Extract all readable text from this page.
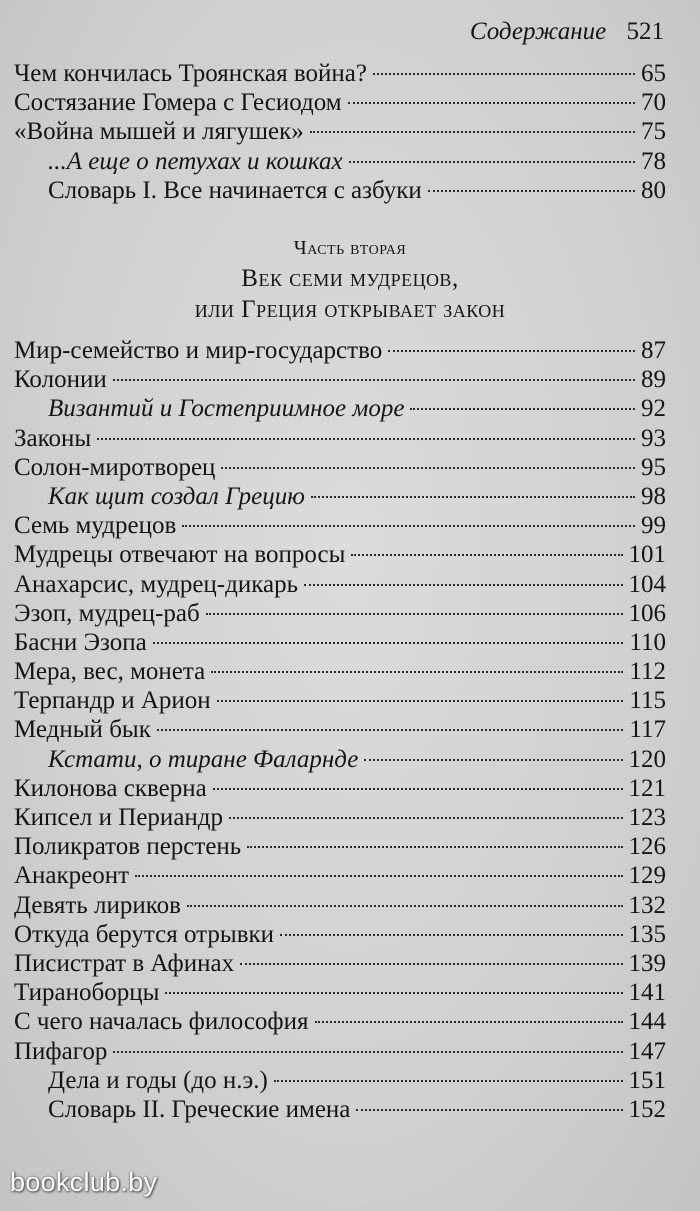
Содержание 521
Чем кончилась Троянская война?	65
Состязание Гомера с Гесиодом	70
«Война мышей и лягушек»	75
...А еще о петухах и кошках	78
Словарь I. Все начинается с азбуки	80
Часть вторая
Век семи мудрецов,
или Греция открывает закон
Мир-семейство и мир-государство	87
Колонии	89
Византий и Гостеприимное море	92
Законы	93
Солон-миротворец	95
Как щит создал Грецию	98
Семь мудрецов	99
Мудрецы отвечают на вопросы	101
Анахарсис, мудрец-дикарь	104
Эзоп, мудрец-раб	106
Басни Эзопа	110
Мера, вес, монета	112
Терпандр и Арион	115
Медный бык	117
Кстати, о тиране Фаларнде	120
Килонова скверна	121
Кипсел и Периандр	123
Поликратов перстень	126
Анакреонт	129
Девять лириков	132
Откуда берутся отрывки	135
Писистрат в Афинах	139
Тираноборцы	141
С чего началась философия	144
Пифагор	147
Дела и годы (до н.э.)	151
Словарь II. Греческие имена	152
bookclub.by
